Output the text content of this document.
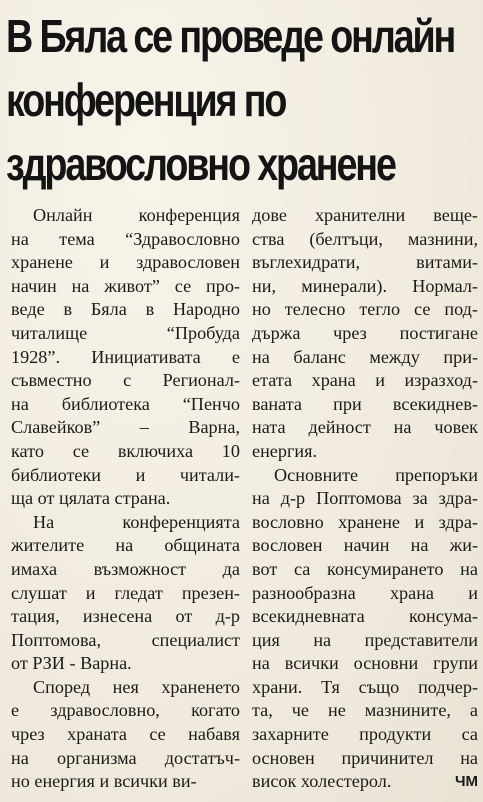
В Бяла се проведе онлайн
конференция по
здравословно хранене
Онлайн конференция
на тема “Здравословно
хранене и здравословен
начин на живот” се про-
веде в Бяла в Народно
читалище “Пробуда
1928”. Инициативата е
съвместно с Регионал-
на библиотека “Пенчо
Славейков” – Варна,
като се включиха 10
библиотеки и читали-
ща от цялата страна.
На конференцията
жителите на общината
имаха възможност да
слушат и гледат презен-
тация, изнесена от д-р
Поптомова, специалист
от РЗИ - Варна.
Според нея храненето
е здравословно, когато
чрез храната се набавя
на организма достатъч-
но енергия и всички ви-
дове хранителни веще-
ства (белтъци, мазнини,
въглехидрати, витами-
ни, минерали). Нормал-
но телесно тегло се под-
държа чрез постигане
на баланс между при-
етата храна и изразход-
ваната при всекиднев-
ната дейност на човек
енергия.
Основните препоръки
на д-р Поптомова за здра-
вословно хранене и здра-
вословен начин на жи-
вот са консумирането на
разнообразна храна и
всекидневната консума-
ция на представители
на всички основни групи
храни. Тя също подчер-
та, че не мазнините, а
захарните продукти са
основен причинител на
висок холестерол.	ЧМ
